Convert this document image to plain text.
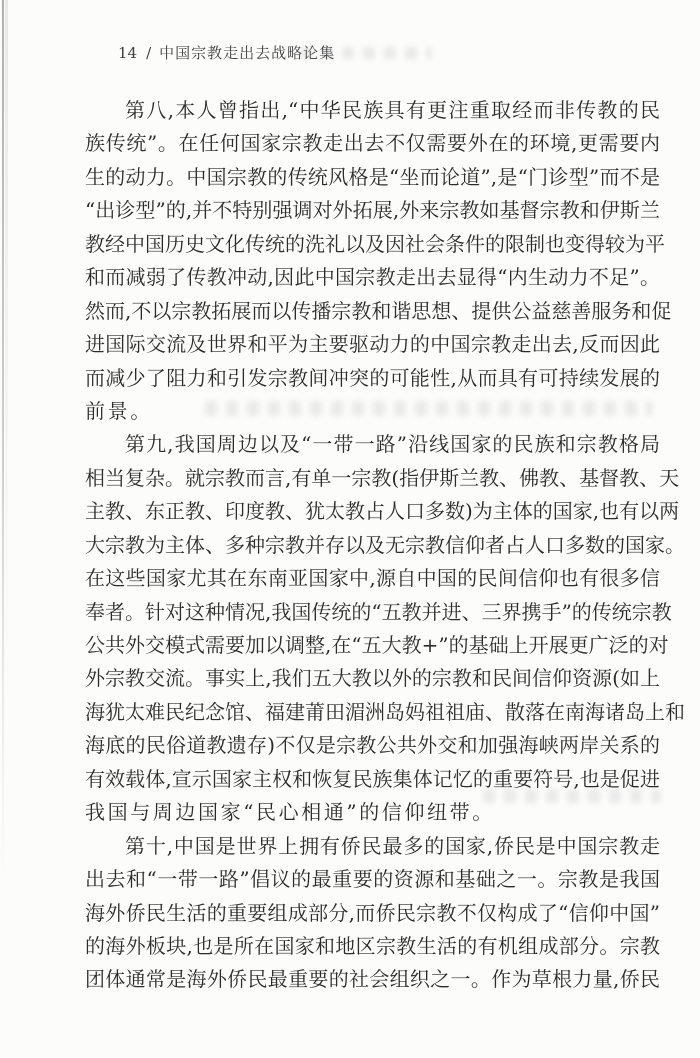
14 / 中国宗教走出去战略论集
第八,本人曾指出,“中华民族具有更注重取经而非传教的民
族传统”。在任何国家宗教走出去不仅需要外在的环境,更需要内
生的动力。中国宗教的传统风格是“坐而论道”,是“门诊型”而不是
“出诊型”的,并不特别强调对外拓展,外来宗教如基督宗教和伊斯兰
教经中国历史文化传统的洗礼以及因社会条件的限制也变得较为平
和而减弱了传教冲动,因此中国宗教走出去显得“内生动力不足”。
然而,不以宗教拓展而以传播宗教和谐思想、提供公益慈善服务和促
进国际交流及世界和平为主要驱动力的中国宗教走出去,反而因此
而减少了阻力和引发宗教间冲突的可能性,从而具有可持续发展的
前景。
第九,我国周边以及“一带一路”沿线国家的民族和宗教格局
相当复杂。就宗教而言,有单一宗教(指伊斯兰教、佛教、基督教、天
主教、东正教、印度教、犹太教占人口多数)为主体的国家,也有以两
大宗教为主体、多种宗教并存以及无宗教信仰者占人口多数的国家。
在这些国家尤其在东南亚国家中,源自中国的民间信仰也有很多信
奉者。针对这种情况,我国传统的“五教并进、三界携手”的传统宗教
公共外交模式需要加以调整,在“五大教+”的基础上开展更广泛的对
外宗教交流。事实上,我们五大教以外的宗教和民间信仰资源(如上
海犹太难民纪念馆、福建莆田湄洲岛妈祖祖庙、散落在南海诸岛上和
海底的民俗道教遗存)不仅是宗教公共外交和加强海峡两岸关系的
有效载体,宣示国家主权和恢复民族集体记忆的重要符号,也是促进
我国与周边国家“民心相通”的信仰纽带。
第十,中国是世界上拥有侨民最多的国家,侨民是中国宗教走
出去和“一带一路”倡议的最重要的资源和基础之一。宗教是我国
海外侨民生活的重要组成部分,而侨民宗教不仅构成了“信仰中国”
的海外板块,也是所在国家和地区宗教生活的有机组成部分。宗教
团体通常是海外侨民最重要的社会组织之一。作为草根力量,侨民
